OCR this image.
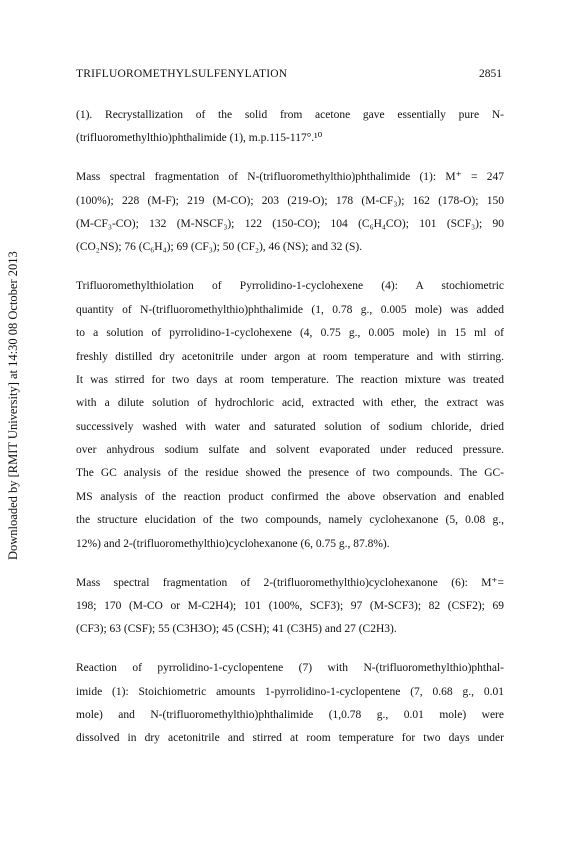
TRIFLUOROMETHYLSULFENYLATION	2851
Downloaded by [RMIT University] at 14:30 08 October 2013

(1). Recrystallization of the solid from acetone gave essentially pure N-
(trifluoromethylthio)phthalimide (1), m.p.115-117°.¹⁰

Mass spectral fragmentation of N-(trifluoromethylthio)phthalimide (1): M⁺ = 247
(100%); 228 (M-F); 219 (M-CO); 203 (219-O); 178 (M-CF₃); 162 (178-O); 150
(M-CF₃-CO); 132 (M-NSCF₃); 122 (150-CO); 104 (C₆H₄CO); 101 (SCF₃); 90
(CO₂NS); 76 (C₆H₄); 69 (CF₃); 50 (CF₂), 46 (NS); and 32 (S).

Trifluoromethylthiolation of Pyrrolidino-1-cyclohexene (4): A stochiometric
quantity of N-(trifluoromethylthio)phthalimide (1, 0.78 g., 0.005 mole) was added
to a solution of pyrrolidino-1-cyclohexene (4, 0.75 g., 0.005 mole) in 15 ml of
freshly distilled dry acetonitrile under argon at room temperature and with stirring.
It was stirred for two days at room temperature. The reaction mixture was treated
with a dilute solution of hydrochloric acid, extracted with ether, the extract was
successively washed with water and saturated solution of sodium chloride, dried
over anhydrous sodium sulfate and solvent evaporated under reduced pressure.
The GC analysis of the residue showed the presence of two compounds. The GC-
MS analysis of the reaction product confirmed the above observation and enabled
the structure elucidation of the two compounds, namely cyclohexanone (5, 0.08 g.,
12%) and 2-(trifluoromethylthio)cyclohexanone (6, 0.75 g., 87.8%).

Mass spectral fragmentation of 2-(trifluoromethylthio)cyclohexanone (6): M⁺=
198; 170 (M-CO or M-C2H4); 101 (100%, SCF3); 97 (M-SCF3); 82 (CSF2); 69
(CF3); 63 (CSF); 55 (C3H3O); 45 (CSH); 41 (C3H5) and 27 (C2H3).

Reaction of pyrrolidino-1-cyclopentene (7) with N-(trifluoromethylthio)phthal-
imide (1): Stoichiometric amounts 1-pyrrolidino-1-cyclopentene (7, 0.68 g., 0.01
mole) and N-(trifluoromethylthio)phthalimide (1,0.78 g., 0.01 mole) were
dissolved in dry acetonitrile and stirred at room temperature for two days under
